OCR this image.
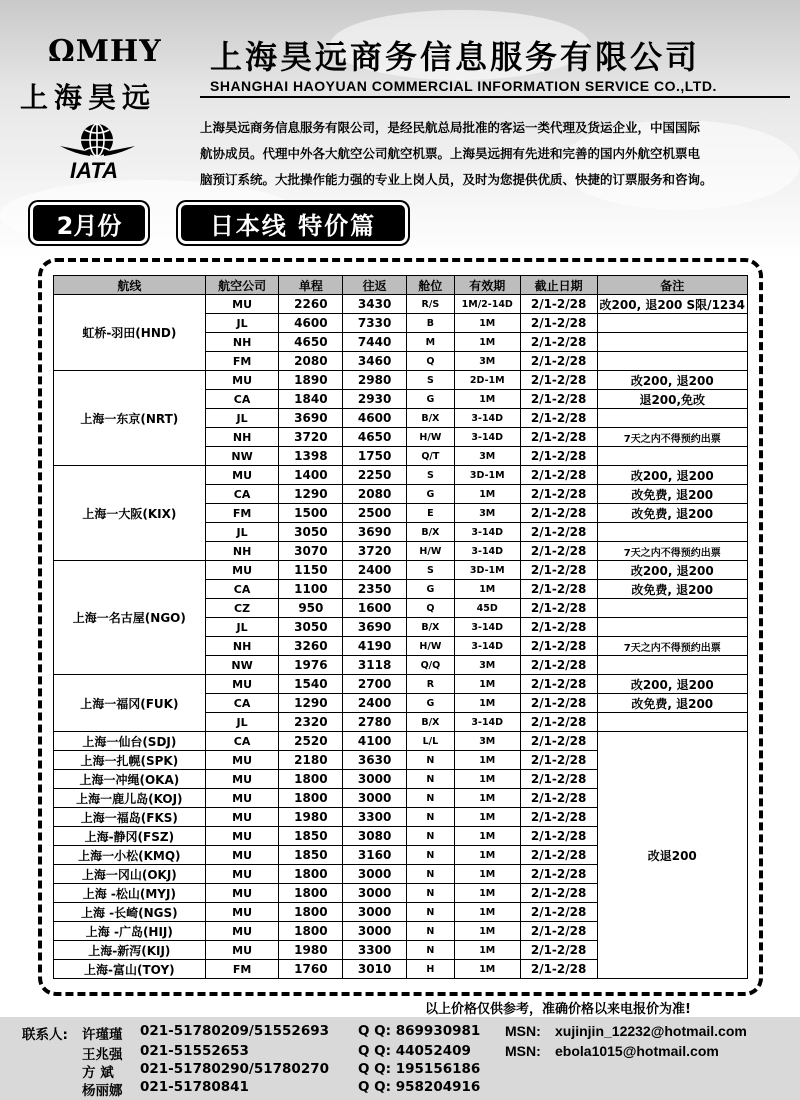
ΩMHY
上海昊远
IATA
上海昊远商务信息服务有限公司
SHANGHAI HAOYUAN COMMERCIAL INFORMATION SERVICE CO.,LTD.
上海昊远商务信息服务有限公司，是经民航总局批准的客运一类代理及货运企业，中国国际
航协成员。代理中外各大航空公司航空机票。上海昊远拥有先进和完善的国内外航空机票电
脑预订系统。大批操作能力强的专业上岗人员，及时为您提供优质、快捷的订票服务和咨询。
2月份	日本线 特价篇
航线	航空公司	单程	往返	舱位	有效期	截止日期	备注
虹桥-羽田(HND)	MU	2260	3430	R/S	1M/2-14D	2/1-2/28	改200, 退200 S限/1234
	JL	4600	7330	B	1M	2/1-2/28	
	NH	4650	7440	M	1M	2/1-2/28	
	FM	2080	3460	Q	3M	2/1-2/28	
上海一东京(NRT)	MU	1890	2980	S	2D-1M	2/1-2/28	改200, 退200
	CA	1840	2930	G	1M	2/1-2/28	退200,免改
	JL	3690	4600	B/X	3-14D	2/1-2/28	
	NH	3720	4650	H/W	3-14D	2/1-2/28	7天之内不得预约出票
	NW	1398	1750	Q/T	3M	2/1-2/28	
上海一大阪(KIX)	MU	1400	2250	S	3D-1M	2/1-2/28	改200, 退200
	CA	1290	2080	G	1M	2/1-2/28	改免费, 退200
	FM	1500	2500	E	3M	2/1-2/28	改免费, 退200
	JL	3050	3690	B/X	3-14D	2/1-2/28	
	NH	3070	3720	H/W	3-14D	2/1-2/28	7天之内不得预约出票
上海一名古屋(NGO)	MU	1150	2400	S	3D-1M	2/1-2/28	改200, 退200
	CA	1100	2350	G	1M	2/1-2/28	改免费, 退200
	CZ	950	1600	Q	45D	2/1-2/28	
	JL	3050	3690	B/X	3-14D	2/1-2/28	
	NH	3260	4190	H/W	3-14D	2/1-2/28	7天之内不得预约出票
	NW	1976	3118	Q/Q	3M	2/1-2/28	
上海一福冈(FUK)	MU	1540	2700	R	1M	2/1-2/28	改200, 退200
	CA	1290	2400	G	1M	2/1-2/28	改免费, 退200
	JL	2320	2780	B/X	3-14D	2/1-2/28	
上海一仙台(SDJ)	CA	2520	4100	L/L	3M	2/1-2/28	改退200
上海一扎幌(SPK)	MU	2180	3630	N	1M	2/1-2/28	
上海一冲绳(OKA)	MU	1800	3000	N	1M	2/1-2/28	
上海一鹿儿岛(KOJ)	MU	1800	3000	N	1M	2/1-2/28	
上海一福岛(FKS)	MU	1980	3300	N	1M	2/1-2/28	
上海-静冈(FSZ)	MU	1850	3080	N	1M	2/1-2/28	
上海一小松(KMQ)	MU	1850	3160	N	1M	2/1-2/28	
上海一冈山(OKJ)	MU	1800	3000	N	1M	2/1-2/28	
上海 -松山(MYJ)	MU	1800	3000	N	1M	2/1-2/28	
上海 -长崎(NGS)	MU	1800	3000	N	1M	2/1-2/28	
上海 -广岛(HIJ)	MU	1800	3000	N	1M	2/1-2/28	
上海-新泻(KIJ)	MU	1980	3300	N	1M	2/1-2/28	
上海-富山(TOY)	FM	1760	3010	H	1M	2/1-2/28	
以上价格仅供参考，准确价格以来电报价为准!
联系人: 许瑾瑾 021-51780209/51552693 Q Q: 869930981
王兆强 021-51552653	Q Q: 44052409
方 斌 021-51780290/51780270 Q Q: 195156186
杨丽娜 021-51780841	Q Q: 958204916
MSN: xujinjin_12232@hotmail.com
MSN: ebola1015@hotmail.com
